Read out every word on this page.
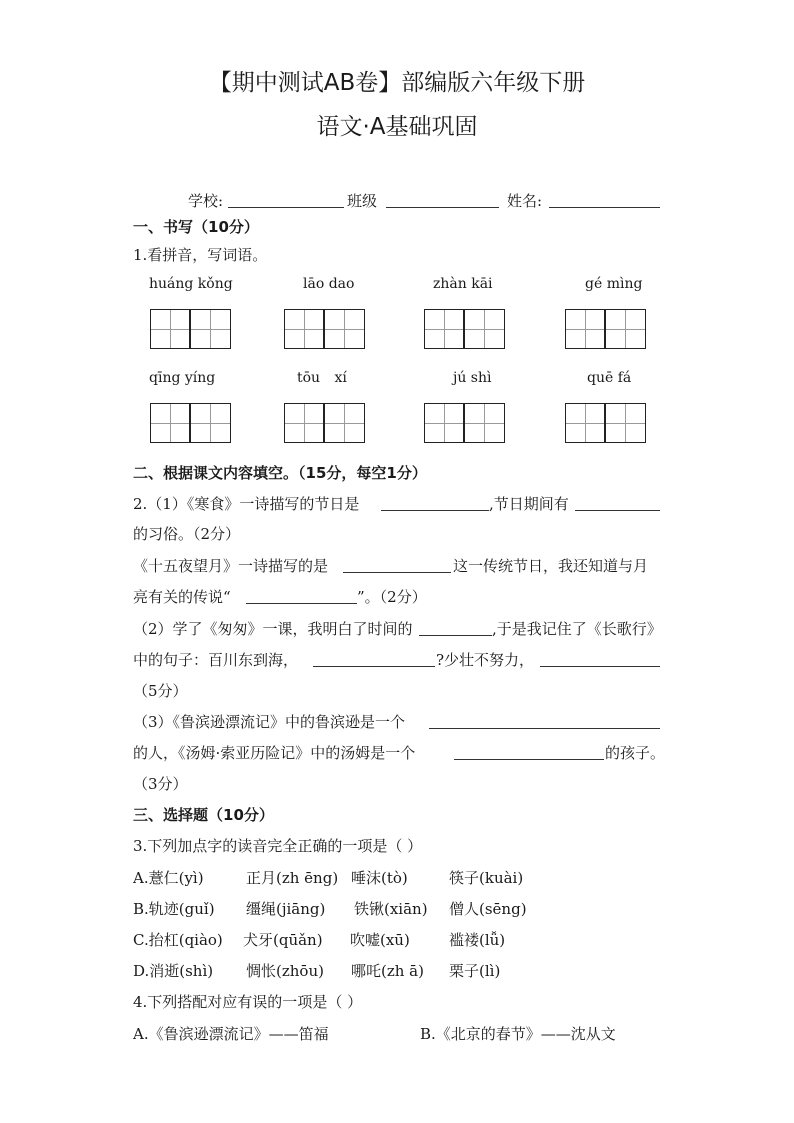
【期中测试AB卷】部编版六年级下册
语文·A基础巩固
学校:	班级	姓名:
一、书写（10分）
1.看拼音，写词语。
huáng kǒng	lāo dao	zhàn kāi	gé mìng
qīng yíng	tōu xí	jú shì	quē fá
二、根据课文内容填空。（15分，每空1分）
2.（1）《寒食》一诗描写的节日是	,节日期间有
的习俗。（2分）
《十五夜望月》一诗描写的是	这一传统节日，我还知道与月
亮有关的传说“	”。（2分）
（2）学了《匆匆》一课，我明白了时间的	,于是我记住了《长歌行》
中的句子：百川东到海，	?少壮不努力，
（5分）
（3）《鲁滨逊漂流记》中的鲁滨逊是一个
的人，《汤姆·索亚历险记》中的汤姆是一个	的孩子。
（3分）
三、选择题（10分）
3.下列加点字的读音完全正确的一项是（ ）
A.薏仁(yì)	正月(zh ēng) 唾沫(tò)	筷子(kuài)
B.轨迹(guǐ) 缰绳(jiāng) 铁锹(xiān) 僧人(sēng)
C.抬杠(qiào) 犬牙(qūǎn) 吹嘘(xū)	褴褛(lǚ)
D.消逝(shì) 惆怅(zhōu) 哪吒(zh ā) 栗子(lì)
4.下列搭配对应有误的一项是（ ）
A.《鲁滨逊漂流记》——笛福	B.《北京的春节》——沈从文
